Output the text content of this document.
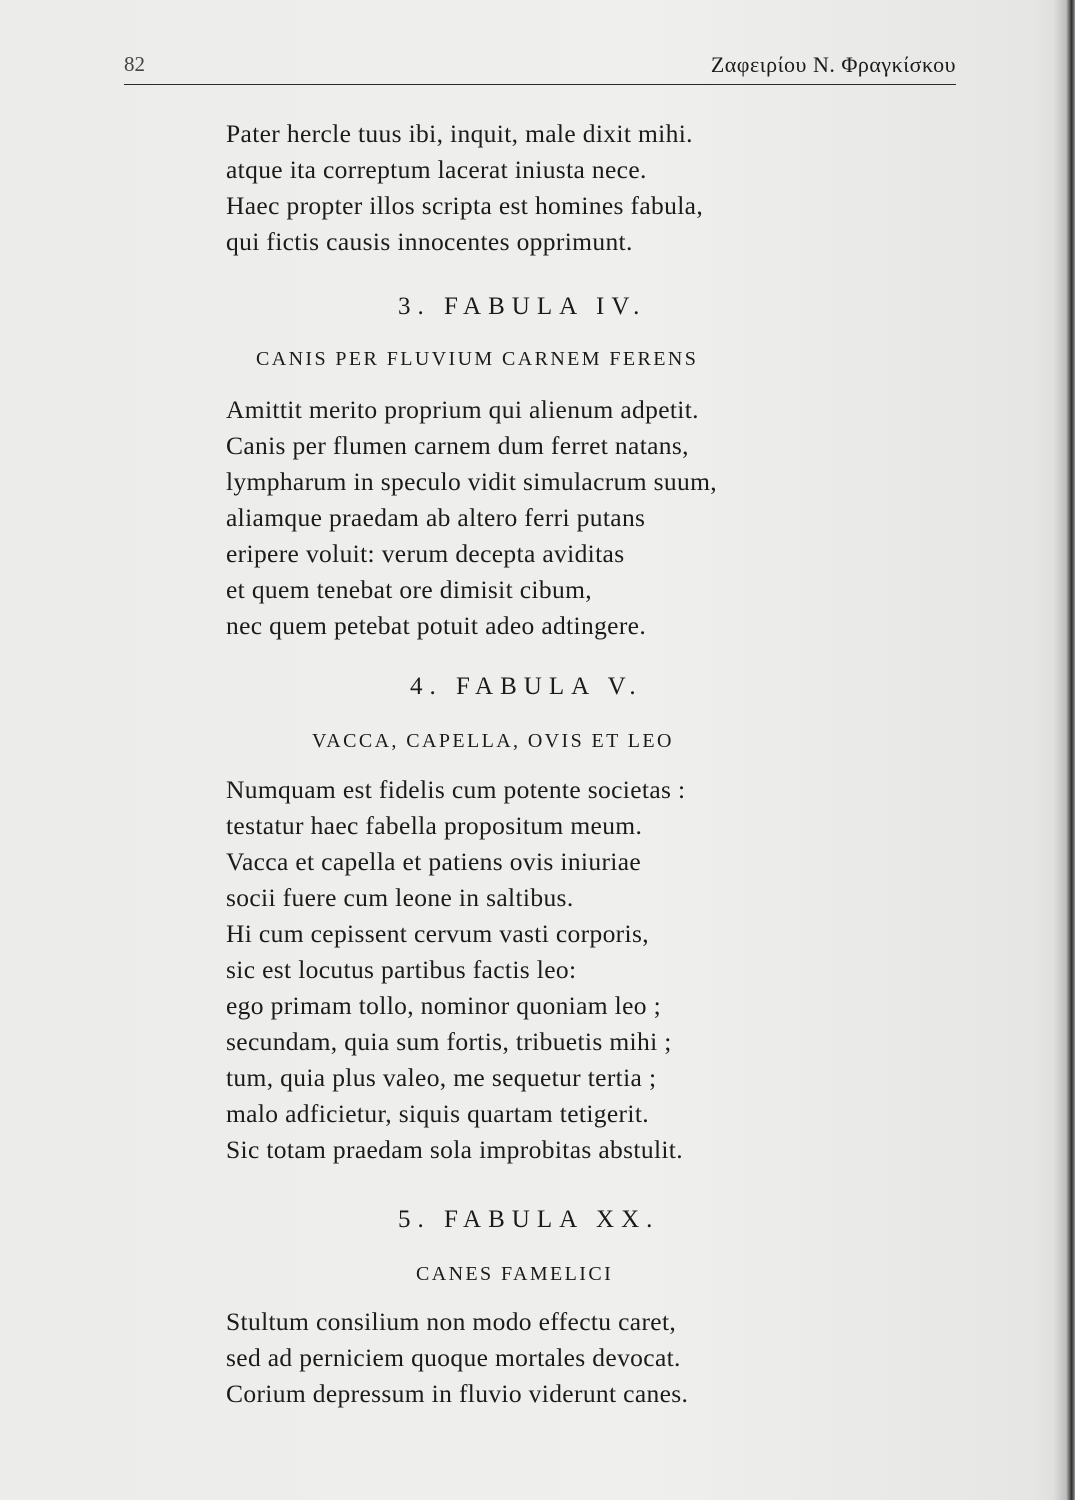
82	Ζαφειρίου Ν. Φραγκίσκου
Pater hercle tuus ibi, inquit, male dixit mihi.
atque ita correptum lacerat iniusta nece.
Haec propter illos scripta est homines fabula,
qui fictis causis innocentes opprimunt.
3. FABULA IV.
CANIS PER FLUVIUM CARNEM FERENS
Amittit merito proprium qui alienum adpetit.
Canis per flumen carnem dum ferret natans,
lympharum in speculo vidit simulacrum suum,
aliamque praedam ab altero ferri putans
eripere voluit: verum decepta aviditas
et quem tenebat ore dimisit cibum,
nec quem petebat potuit adeo adtingere.
4. FABULA V.
VACCA, CAPELLA, OVIS ET LEO
Numquam est fidelis cum potente societas :
testatur haec fabella propositum meum.
Vacca et capella et patiens ovis iniuriae
socii fuere cum leone in saltibus.
Hi cum cepissent cervum vasti corporis,
sic est locutus partibus factis leo:
ego primam tollo, nominor quoniam leo ;
secundam, quia sum fortis, tribuetis mihi ;
tum, quia plus valeo, me sequetur tertia ;
malo adficietur, siquis quartam tetigerit.
Sic totam praedam sola improbitas abstulit.
5. FABULA XX.
CANES FAMELICI
Stultum consilium non modo effectu caret,
sed ad perniciem quoque mortales devocat.
Corium depressum in fluvio viderunt canes.
